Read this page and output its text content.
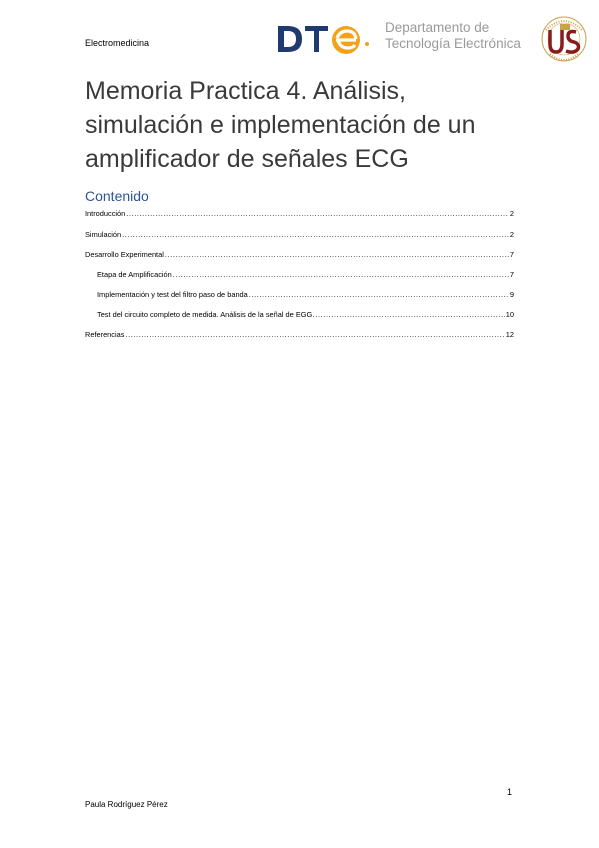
Electromedicina
Departamento de
Tecnología Electrónica
Memoria Practica 4. Análisis,
simulación e implementación de un
amplificador de señales ECG
Contenido
Introducción .....	2
Simulación .....	2
Desarrollo Experimental .....	7
Etapa de Amplificación .....	7
Implementación y test del filtro paso de banda .....	9
Test del circuito completo de medida. Análisis de la señal de EGG. .....	10
Referencias .....	12
1
Paula Rodríguez Pérez
